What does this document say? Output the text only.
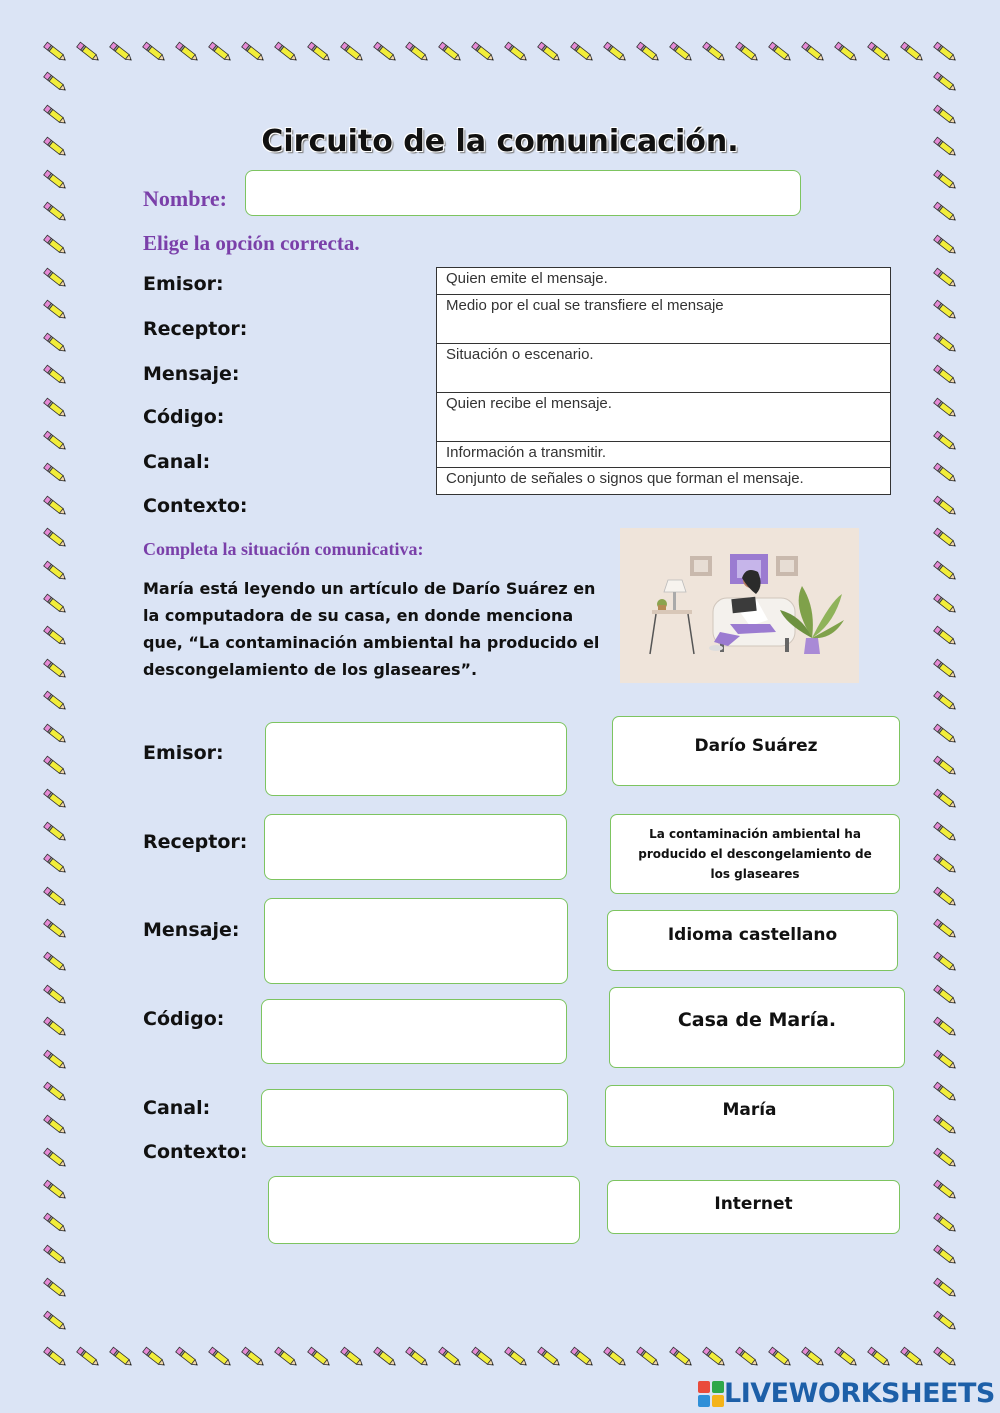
Circuito de la comunicación.
Nombre:
Elige la opción correcta.
Emisor:
Receptor:
Mensaje:
Código:
Canal:
Contexto:
Quien emite el mensaje.
Medio por el cual se transfiere el mensaje
Situación o escenario.
Quien recibe el mensaje.
Información a transmitir.
Conjunto de señales o signos que forman el mensaje.
Completa la situación comunicativa:
María está leyendo un artículo de Darío Suárez en la computadora de su casa, en donde menciona que, “La contaminación ambiental ha producido el descongelamiento de los glaseares”.
Emisor:
Receptor:
Mensaje:
Código:
Canal:
Contexto:
Darío Suárez
La contaminación ambiental ha producido el descongelamiento de los glaseares
Idioma castellano
Casa de María.
María
Internet
LIVEWORKSHEETS
